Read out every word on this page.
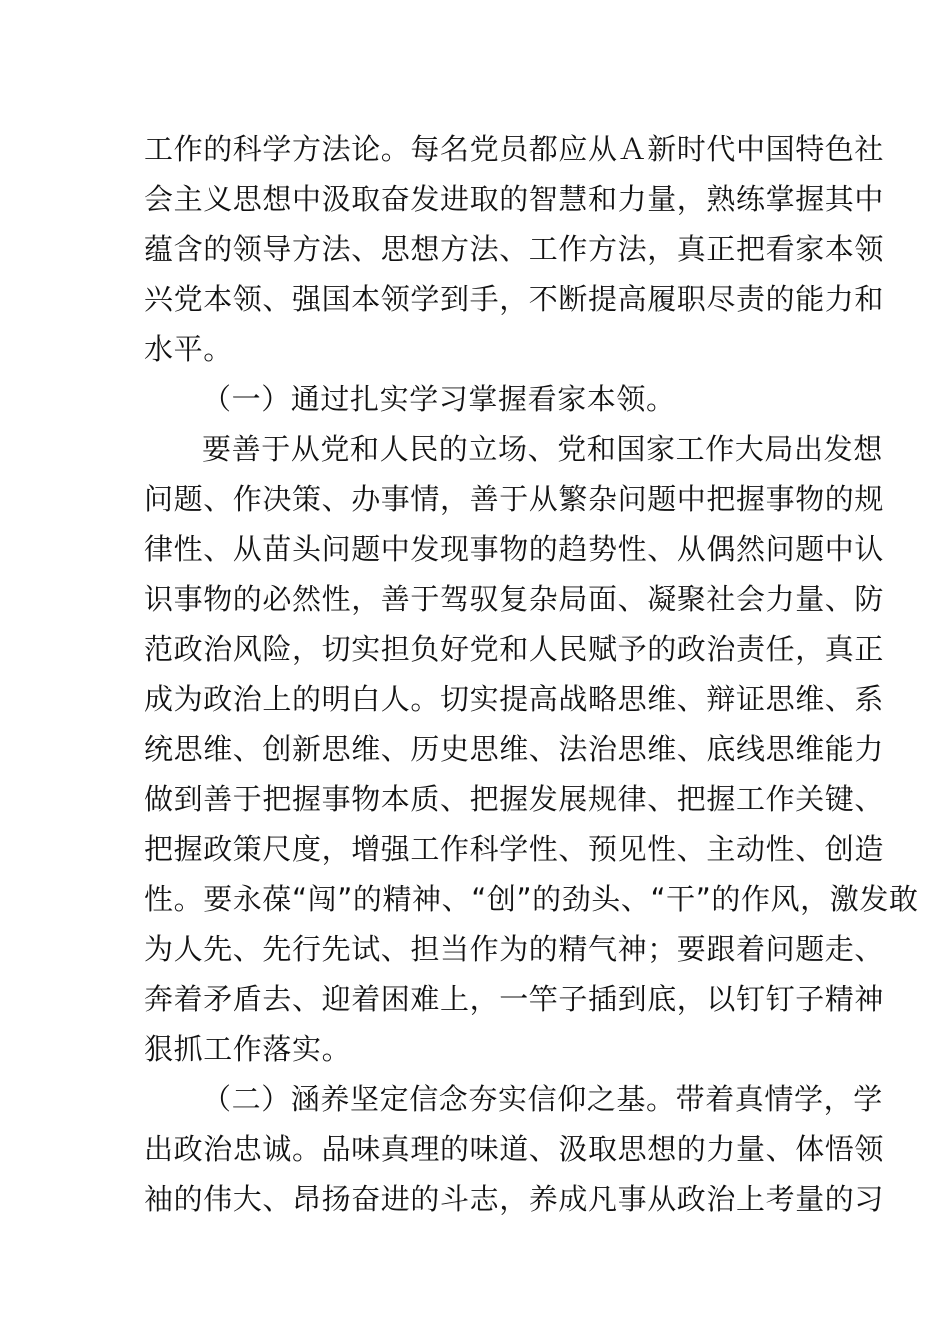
工作的科学方法论。每名党员都应从Ａ新时代中国特色社
会主义思想中汲取奋发进取的智慧和力量，熟练掌握其中
蕴含的领导方法、思想方法、工作方法，真正把看家本领
兴党本领、强国本领学到手，不断提高履职尽责的能力和
水平。
（一）通过扎实学习掌握看家本领。
要善于从党和人民的立场、党和国家工作大局出发想
问题、作决策、办事情，善于从繁杂问题中把握事物的规
律性、从苗头问题中发现事物的趋势性、从偶然问题中认
识事物的必然性，善于驾驭复杂局面、凝聚社会力量、防
范政治风险，切实担负好党和人民赋予的政治责任，真正
成为政治上的明白人。切实提高战略思维、辩证思维、系
统思维、创新思维、历史思维、法治思维、底线思维能力
做到善于把握事物本质、把握发展规律、把握工作关键、
把握政策尺度，增强工作科学性、预见性、主动性、创造
性。要永葆“闯”的精神、“创”的劲头、“干”的作风，激发敢
为人先、先行先试、担当作为的精气神；要跟着问题走、
奔着矛盾去、迎着困难上，一竿子插到底，以钉钉子精神
狠抓工作落实。
（二）涵养坚定信念夯实信仰之基。带着真情学，学
出政治忠诚。品味真理的味道、汲取思想的力量、体悟领
袖的伟大、昂扬奋进的斗志，养成凡事从政治上考量的习
